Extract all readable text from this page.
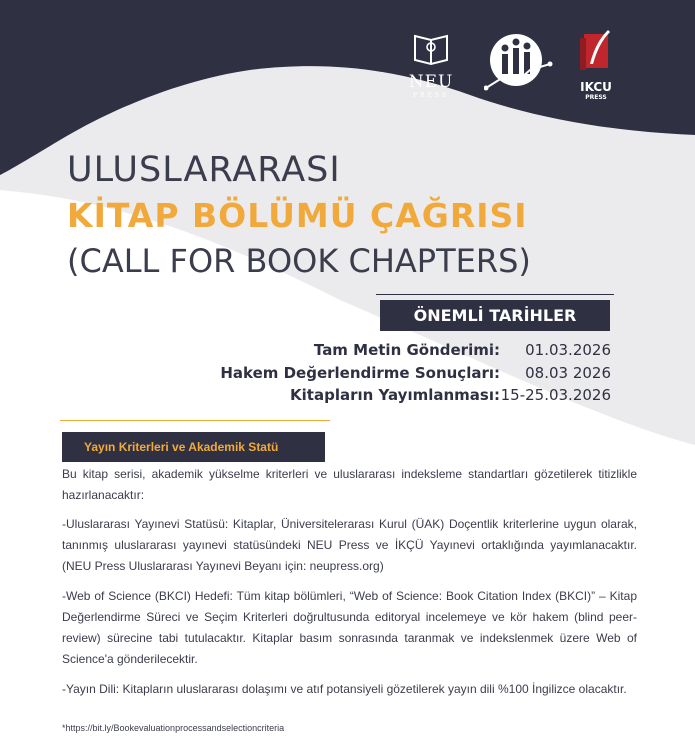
NEU
PRESS
IKCU
PRESS
ULUSLARARASI
KİTAP BÖLÜMÜ ÇAĞRISI
(CALL FOR BOOK CHAPTERS)
ÖNEMLİ TARİHLER
Tam Metin Gönderimi: 01.03.2026
Hakem Değerlendirme Sonuçları: 08.03 2026
Kitapların Yayımlanması: 15-25.03.2026
Yayın Kriterleri ve Akademik Statü
Bu kitap serisi, akademik yükselme kriterleri ve uluslararası indeksleme standartları gözetilerek titizlikle hazırlanacaktır:
-Uluslararası Yayınevi Statüsü: Kitaplar, Üniversitelerarası Kurul (ÜAK) Doçentlik kriterlerine uygun olarak, tanınmış uluslararası yayınevi statüsündeki NEU Press ve İKÇÜ Yayınevi ortaklığında yayımlanacaktır. (NEU Press Uluslararası Yayınevi Beyanı için: neupress.org)
-Web of Science (BKCI) Hedefi: Tüm kitap bölümleri, “Web of Science: Book Citation Index (BKCI)” – Kitap Değerlendirme Süreci ve Seçim Kriterleri doğrultusunda editoryal incelemeye ve kör hakem (blind peer-review) sürecine tabi tutulacaktır. Kitaplar basım sonrasında taranmak ve indekslenmek üzere Web of Science'a gönderilecektir.
-Yayın Dili: Kitapların uluslararası dolaşımı ve atıf potansiyeli gözetilerek yayın dili %100 İngilizce olacaktır.
*https://bit.ly/Bookevaluationprocessandselectioncriteria
